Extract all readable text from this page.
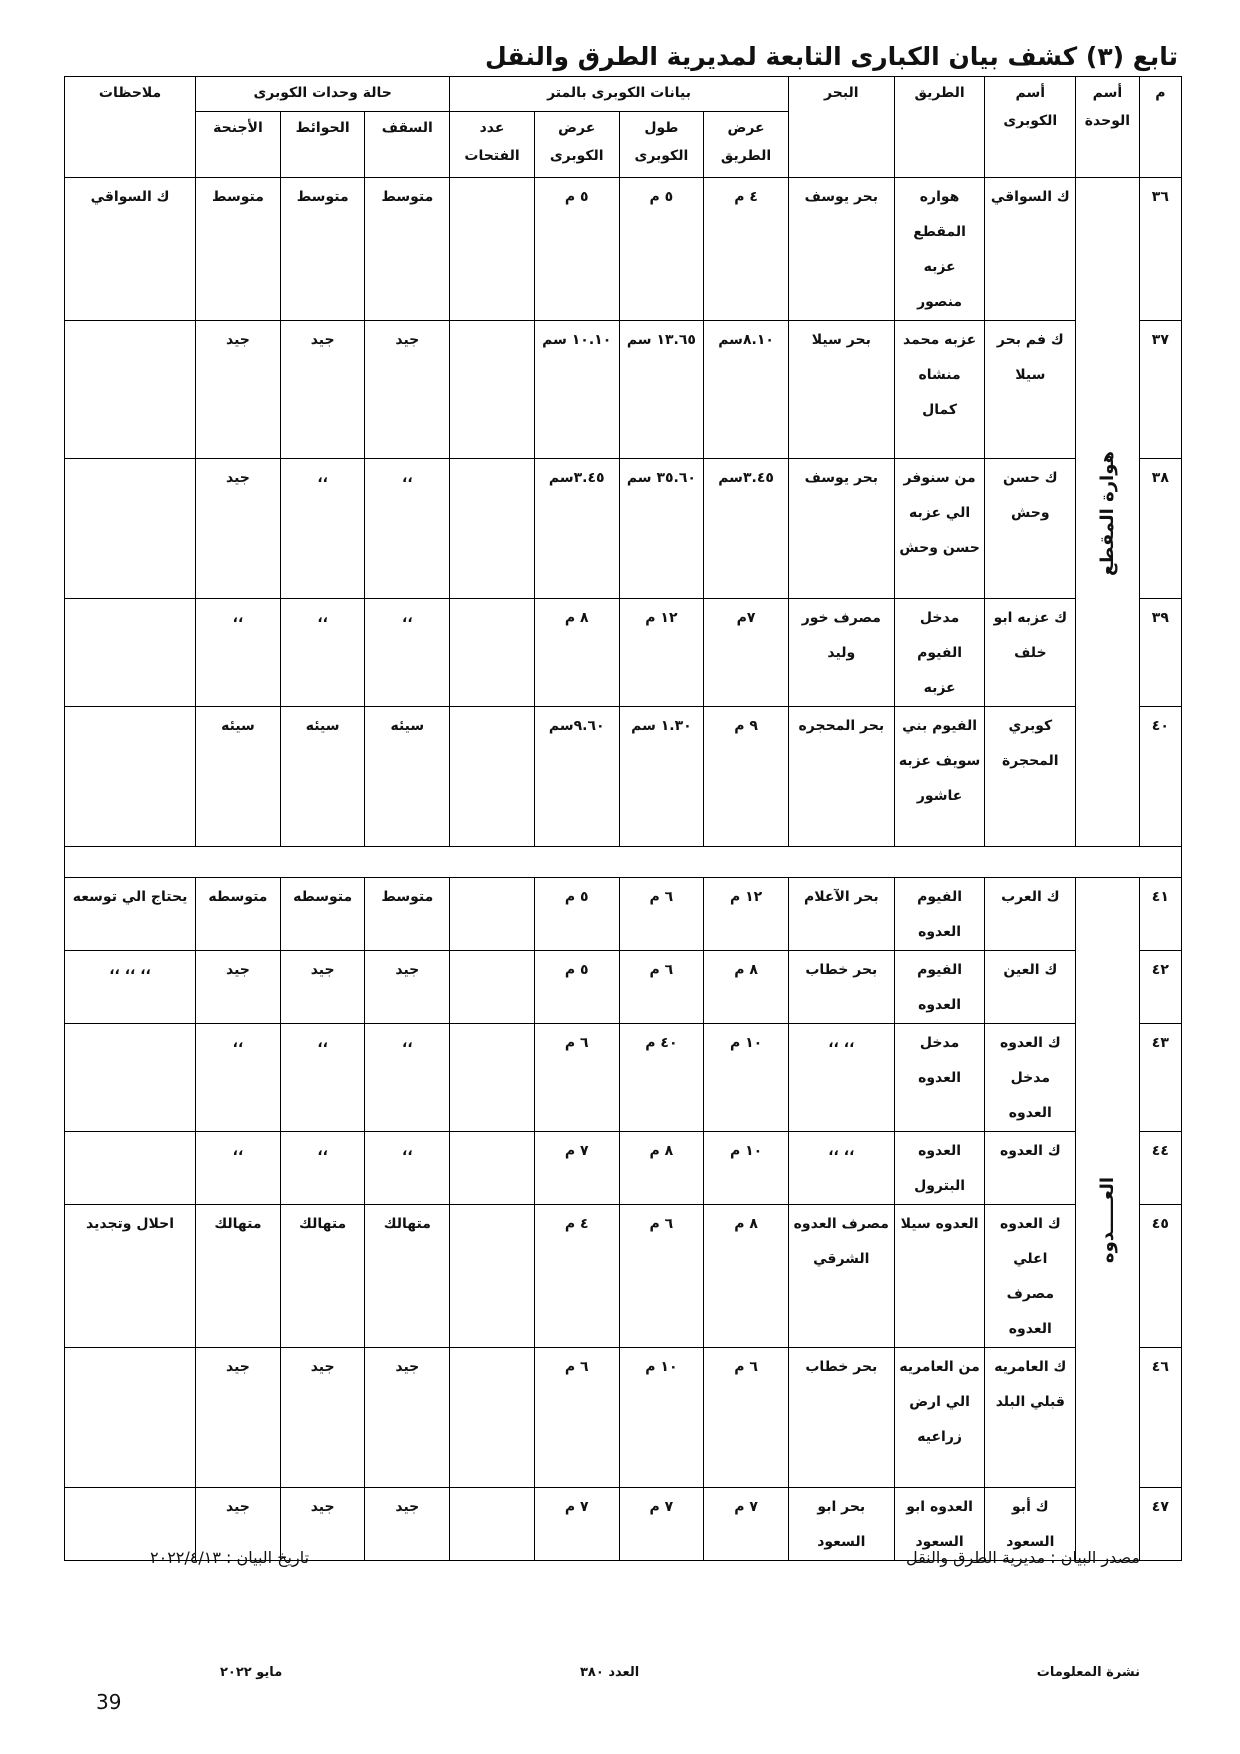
تابع (٣) كشف بيان الكبارى التابعة لمديرية الطرق والنقل
م	أسم الوحدة	أسم الكوبرى	الطريق	البحر	بيانات الكوبرى بالمتر				حالة وحدات الكوبرى			ملاحظات
					عرض الطريق	طول الكوبرى	عرض الكوبرى	عدد الفتحات	السقف	الحوائط	الأجنحة	
٣٦	هوارة المقطع	ك السواقي	هواره المقطع عزبه منصور	بحر يوسف	٤ م	٥ م	٥ م		متوسط	متوسط	متوسط	ك السواقي
٣٧		ك فم بحر سيلا	عزبه محمد منشاه كمال	بحر سيلا	٨.١٠سم	١٣.٦٥ سم	١٠.١٠ سم		جيد	جيد	جيد	
٣٨		ك حسن وحش	من سنوفر الي عزبه حسن وحش	بحر يوسف	٣.٤٥سم	٣٥.٦٠ سم	٣.٤٥سم		،،	،،	جيد	
٣٩		ك عزبه ابو خلف	مدخل الفيوم عزبه	مصرف خور وليد	٧م	١٢ م	٨ م		،،	،،	،،	
٤٠		كوبري المحجرة	الفيوم بني سويف عزبه عاشور	بحر المحجره	٩ م	١.٣٠ سم	٩.٦٠سم		سيئه	سيئه	سيئه	

٤١	العـــــدوه	ك العرب	الفيوم العدوه	بحر الآعلام	١٢ م	٦ م	٥ م		متوسط	متوسطه	متوسطه	يحتاج الي توسعه
٤٢		ك العين	الفيوم العدوه	بحر خطاب	٨ م	٦ م	٥ م		جيد	جيد	جيد	،، ،، ،،
٤٣		ك العدوه مدخل العدوه	مدخل العدوه	،، ،،	١٠ م	٤٠ م	٦ م		،،	،،	،،	
٤٤		ك العدوه	العدوه البترول	،، ،،	١٠ م	٨ م	٧ م		،،	،،	،،	
٤٥		ك العدوه اعلي مصرف العدوه	العدوه سيلا	مصرف العدوه الشرقي	٨ م	٦ م	٤ م		متهالك	متهالك	متهالك	احلال وتجديد
٤٦		ك العامريه قبلي البلد	من العامريه الي ارض زراعيه	بحر خطاب	٦ م	١٠ م	٦ م		جيد	جيد	جيد	
٤٧		ك أبو السعود	العدوه ابو السعود	بحر ابو السعود	٧ م	٧ م	٧ م		جيد	جيد	جيد	
مصدر البيان : مديرية الطرق والنقل
تاريخ البيان : ٢٠٢٢/٤/١٣
نشرة المعلومات
العدد ٣٨٠
مايو ٢٠٢٢
39
